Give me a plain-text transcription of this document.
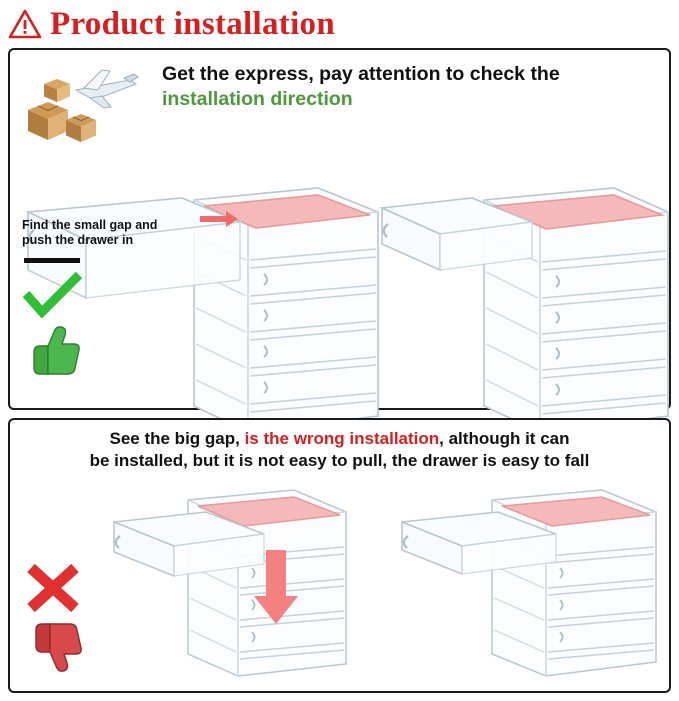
Product installation
Get the express, pay attention to check the
installation direction
Find the small gap and
push the drawer in
See the big gap, is the wrong installation, although it can
be installed, but it is not easy to pull, the drawer is easy to fall
